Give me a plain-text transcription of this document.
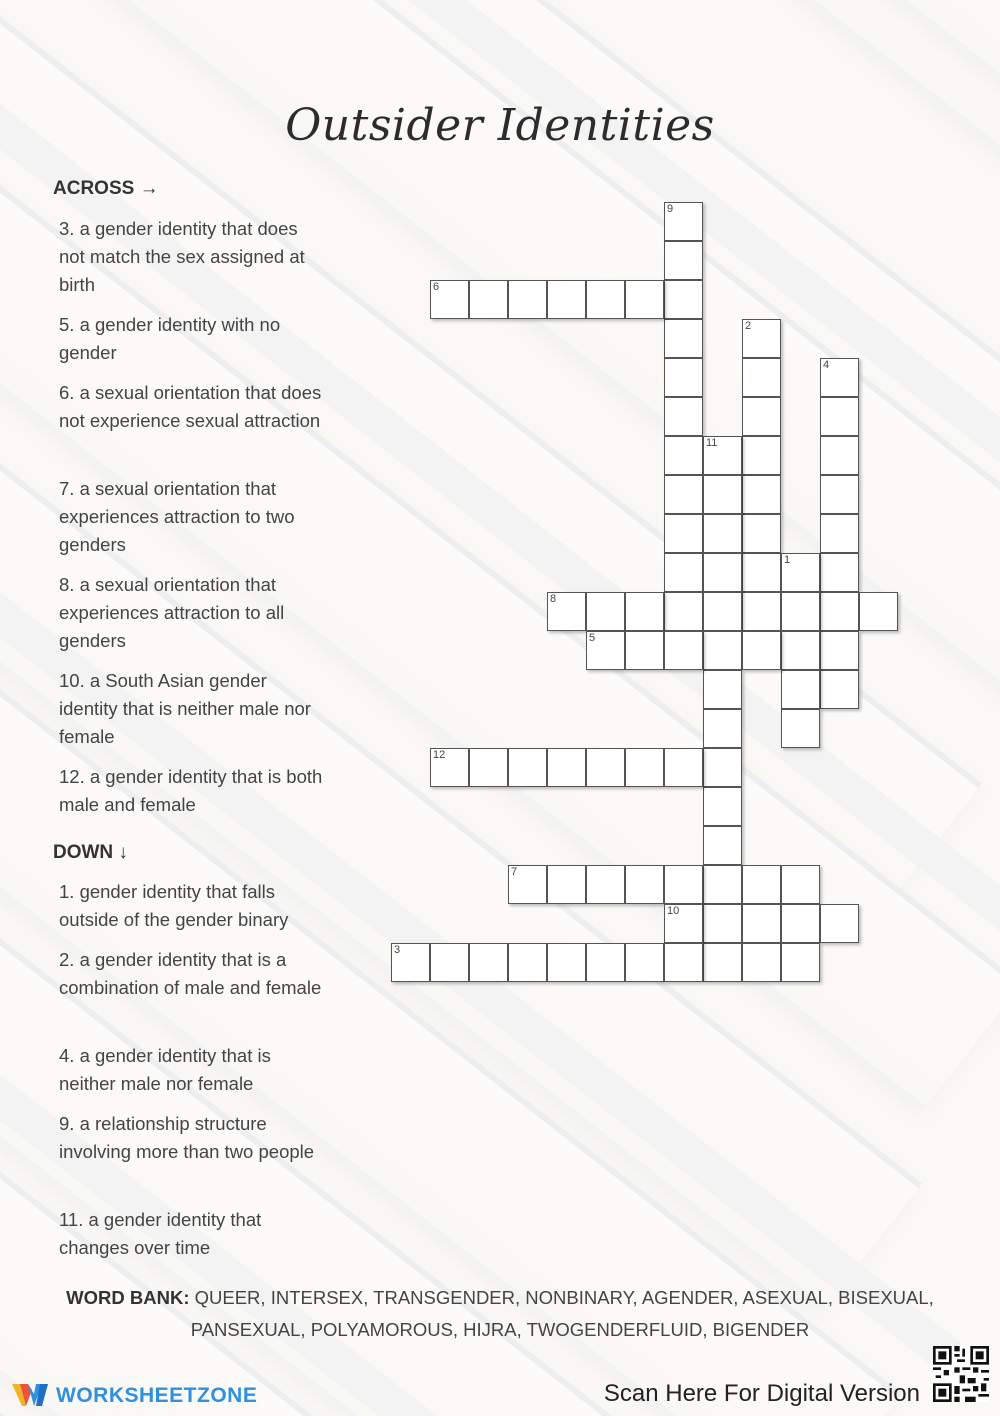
Outsider Identities
ACROSS →
3. a gender identity that does not match the sex assigned at birth
5. a gender identity with no gender
6. a sexual orientation that does not experience sexual attraction
7. a sexual orientation that experiences attraction to two genders
8. a sexual orientation that experiences attraction to all genders
10. a South Asian gender identity that is neither male nor female
12. a gender identity that is both male and female
DOWN ↓
1. gender identity that falls outside of the gender binary
2. a gender identity that is a combination of male and female
4. a gender identity that is neither male nor female
9. a relationship structure involving more than two people
11. a gender identity that changes over time
9
6
2
4
11
1
8
5
12
7
10
3
WORD BANK: QUEER, INTERSEX, TRANSGENDER, NONBINARY, AGENDER, ASEXUAL, BISEXUAL, PANSEXUAL, POLYAMOROUS, HIJRA, TWOGENDERFLUID, BIGENDER
WORKSHEETZONE	Scan Here For Digital Version
